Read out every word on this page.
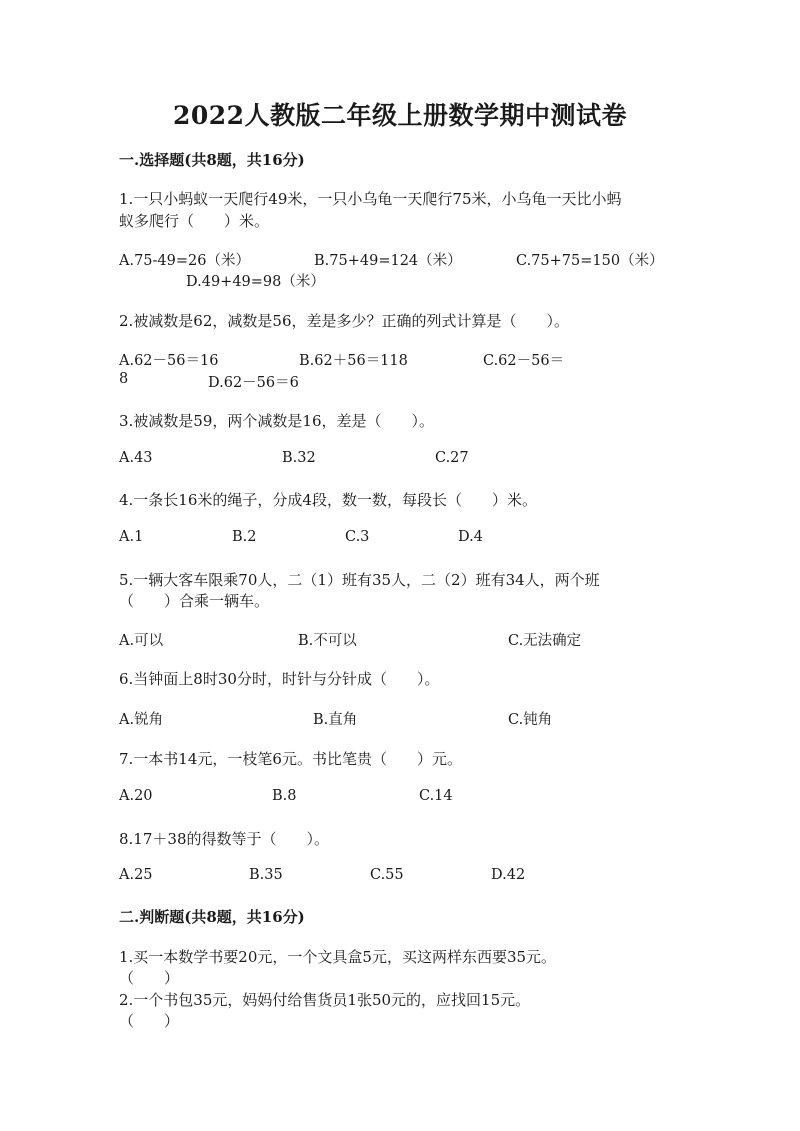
2022人教版二年级上册数学期中测试卷
一.选择题(共8题，共16分)
1.一只小蚂蚁一天爬行49米，一只小乌龟一天爬行75米，小乌龟一天比小蚂
蚁多爬行（　　）米。
A.75-49=26（米）	B.75+49=124（米）	C.75+75=150（米）
D.49+49=98（米）
2.被减数是62，减数是56，差是多少？正确的列式计算是（　　）。
A.62－56＝16	B.62＋56＝118	C.62－56＝
8	D.62－56＝6
3.被减数是59，两个减数是16，差是（　　）。
A.43	B.32	C.27
4.一条长16米的绳子，分成4段，数一数，每段长（　　）米。
A.1	B.2	C.3	D.4
5.一辆大客车限乘70人，二（1）班有35人，二（2）班有34人，两个班
（　　）合乘一辆车。
A.可以	B.不可以	C.无法确定
6.当钟面上8时30分时，时针与分针成（　　）。
A.锐角	B.直角	C.钝角
7.一本书14元，一枝笔6元。书比笔贵（　　）元。
A.20	B.8	C.14
8.17＋38的得数等于（　　）。
A.25	B.35	C.55	D.42
二.判断题(共8题，共16分)
1.买一本数学书要20元，一个文具盒5元，买这两样东西要35元。
（　　）
2.一个书包35元，妈妈付给售货员1张50元的，应找回15元。
（　　）
